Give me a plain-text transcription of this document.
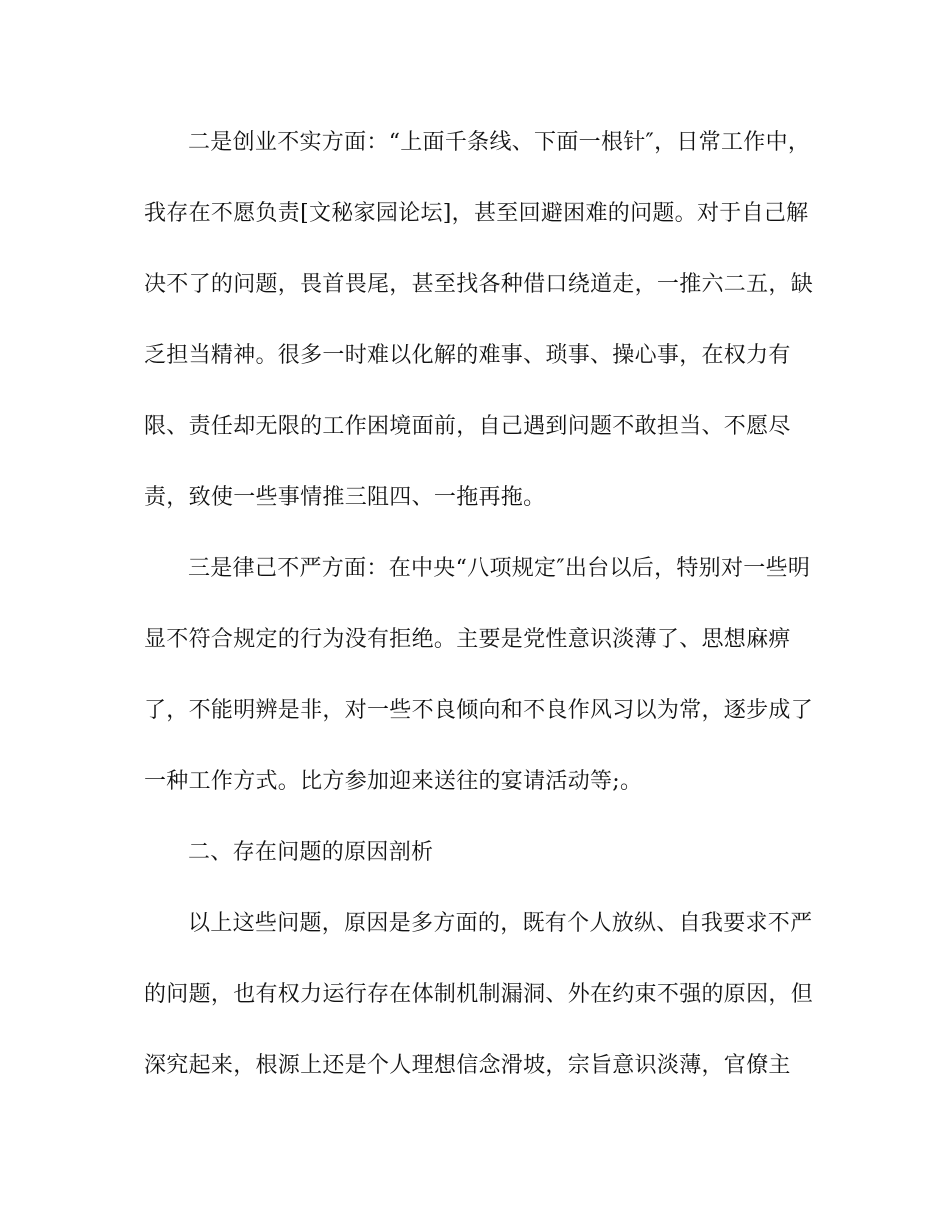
二是创业不实方面：“上面千条线、下面一根针″，日常工作中，
我存在不愿负责[文秘家园论坛]，甚至回避困难的问题。对于自己解
决不了的问题，畏首畏尾，甚至找各种借口绕道走，一推六二五，缺
乏担当精神。很多一时难以化解的难事、琐事、操心事，在权力有
限、责任却无限的工作困境面前，自己遇到问题不敢担当、不愿尽
责，致使一些事情推三阻四、一拖再拖。
三是律己不严方面：在中央“八项规定″出台以后，特别对一些明
显不符合规定的行为没有拒绝。主要是党性意识淡薄了、思想麻痹
了，不能明辨是非，对一些不良倾向和不良作风习以为常，逐步成了
一种工作方式。比方参加迎来送往的宴请活动等;。
二、存在问题的原因剖析
以上这些问题，原因是多方面的，既有个人放纵、自我要求不严
的问题，也有权力运行存在体制机制漏洞、外在约束不强的原因，但
深究起来，根源上还是个人理想信念滑坡，宗旨意识淡薄，官僚主
